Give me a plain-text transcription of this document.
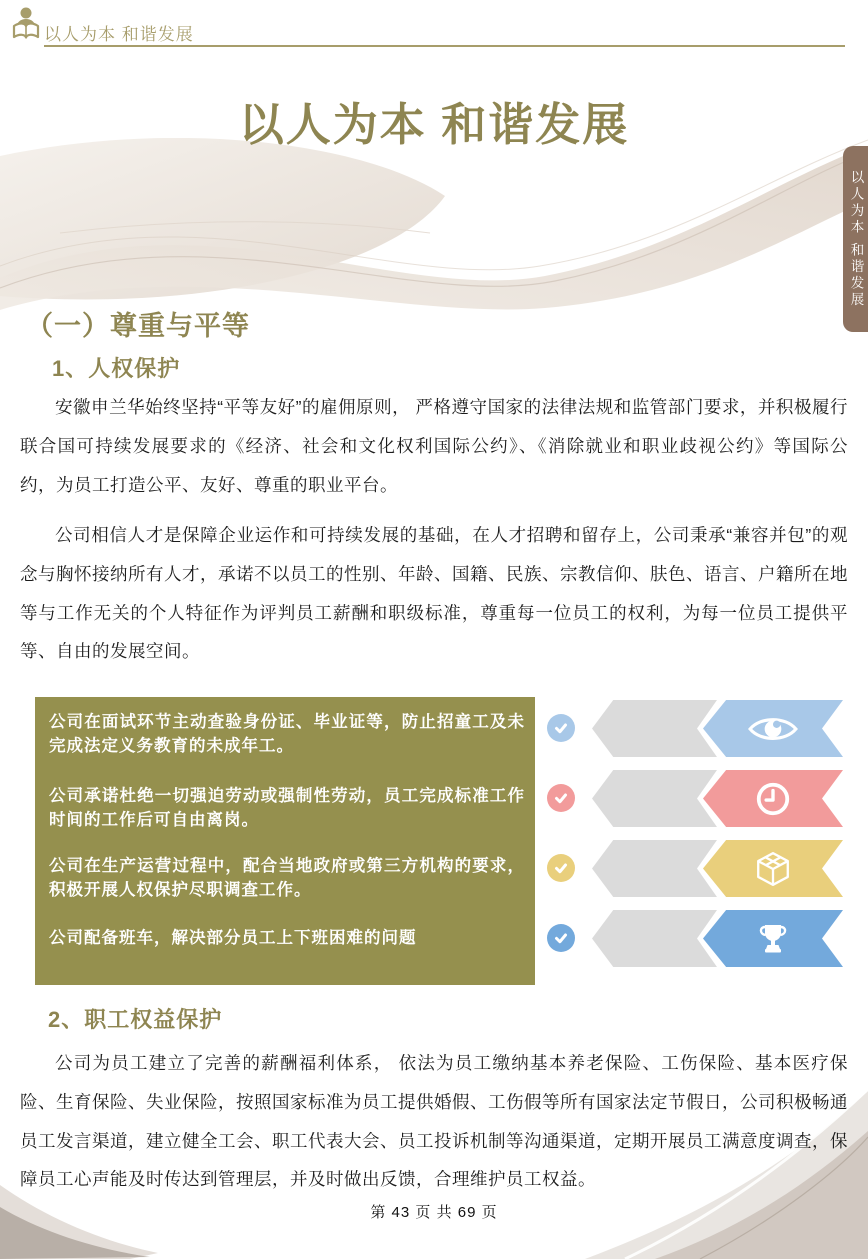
以人为本 和谐发展
以人为本 和谐发展
以人为本 和谐发展
（一）尊重与平等
1、人权保护

安徽申兰华始终坚持“平等友好”的雇佣原则， 严格遵守国家的法律法规和监管部门要求，并积极履行联合国可持续发展要求的《经济、社会和文化权利国际公约》、《消除就业和职业歧视公约》等国际公约，为员工打造公平、友好、尊重的职业平台。

公司相信人才是保障企业运作和可持续发展的基础，在人才招聘和留存上，公司秉承“兼容并包”的观念与胸怀接纳所有人才，承诺不以员工的性别、年龄、国籍、民族、宗教信仰、肤色、语言、户籍所在地等与工作无关的个人特征作为评判员工薪酬和职级标准，尊重每一位员工的权利，为每一位员工提供平等、自由的发展空间。

公司在面试环节主动查验身份证、毕业证等，防止招童工及未完成法定义务教育的未成年工。

公司承诺杜绝一切强迫劳动或强制性劳动，员工完成标准工作时间的工作后可自由离岗。

公司在生产运营过程中，配合当地政府或第三方机构的要求，积极开展人权保护尽职调查工作。

公司配备班车，解决部分员工上下班困难的问题

2、职工权益保护

公司为员工建立了完善的薪酬福利体系， 依法为员工缴纳基本养老保险、工伤保险、基本医疗保险、生育保险、失业保险，按照国家标准为员工提供婚假、工伤假等所有国家法定节假日，公司积极畅通员工发言渠道，建立健全工会、职工代表大会、员工投诉机制等沟通渠道，定期开展员工满意度调查，保障员工心声能及时传达到管理层，并及时做出反馈，合理维护员工权益。

第 43 页 共 69 页
